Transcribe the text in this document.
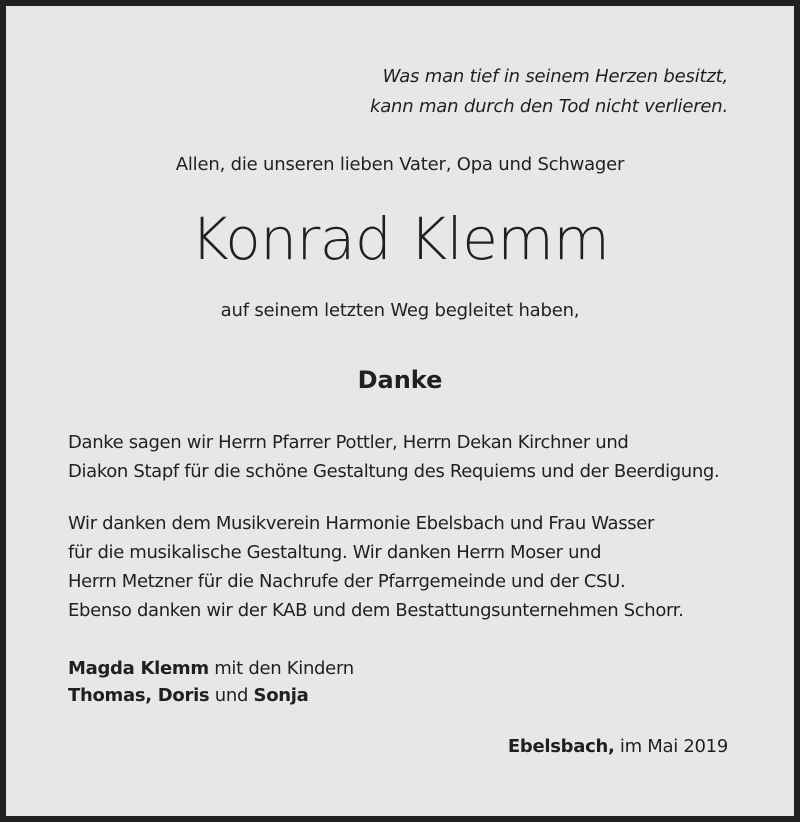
Was man tief in seinem Herzen besitzt,
kann man durch den Tod nicht verlieren.
Allen, die unseren lieben Vater, Opa und Schwager
Konrad Klemm
auf seinem letzten Weg begleitet haben,
Danke
Danke sagen wir Herrn Pfarrer Pottler, Herrn Dekan Kirchner und
Diakon Stapf für die schöne Gestaltung des Requiems und der Beerdigung.
Wir danken dem Musikverein Harmonie Ebelsbach und Frau Wasser
für die musikalische Gestaltung. Wir danken Herrn Moser und
Herrn Metzner für die Nachrufe der Pfarrgemeinde und der CSU.
Ebenso danken wir der KAB und dem Bestattungsunternehmen Schorr.
Magda Klemm mit den Kindern
Thomas, Doris und Sonja
Ebelsbach, im Mai 2019
